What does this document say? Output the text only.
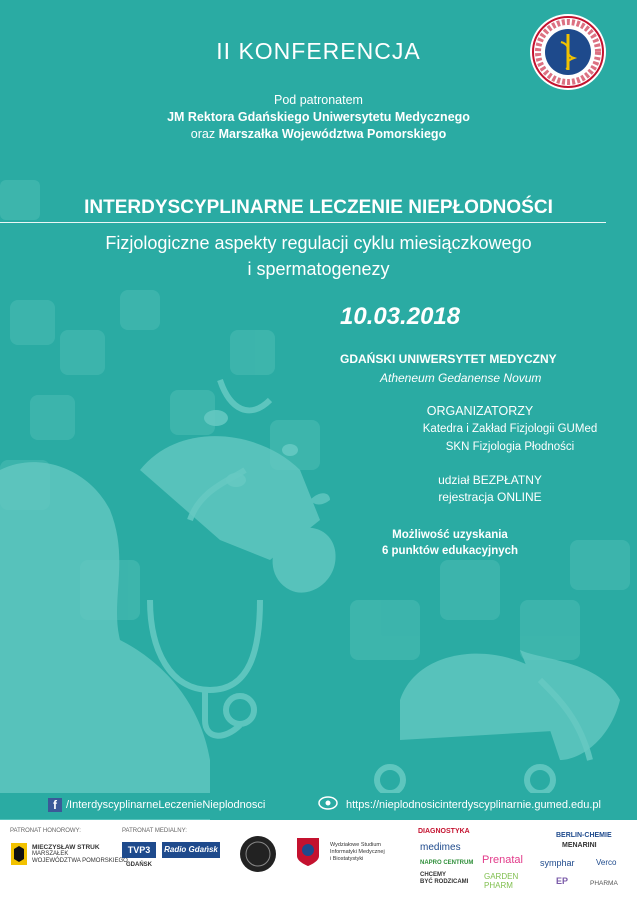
II KONFERENCJA
Pod patronatem
JM Rektora Gdańskiego Uniwersytetu Medycznego
oraz Marszałka Województwa Pomorskiego
INTERDYSCYPLINARNE LECZENIE NIEPŁODNOŚCI
Fizjologiczne aspekty regulacji cyklu miesiączkowego
i spermatogenezy
10.03.2018
GDAŃSKI UNIWERSYTET MEDYCZNY
Atheneum Gedanense Novum
ORGANIZATORZY
Katedra i Zakład Fizjologii GUMed
SKN Fizjologia Płodności
udział BEZPŁATNY
rejestracja ONLINE
Możliwość uzyskania
6 punktów edukacyjnych
f /InterdyscyplinarneLeczenieNieplodnosci	https://nieplodnosicinterdyscyplinarnie.gumed.edu.pl
PATRONAT HONOROWY:
MIECZYSŁAW STRUK
MARSZAŁEK
WOJEWÓDZTWA POMORSKIEGO
PATRONAT MEDIALNY:
TVP3
GDAŃSK
Radio Gdańsk	Wydziałowe Studium
Informatyki Medycznej
i Biostatystyki
DIAGNOSTYKA
medimes
NAPRO CENTRUM
CHCEMY
BYĆ RODZICAMI
Prenatal
GARDEN
PHARM
BERLIN-CHEMIE
MENARINI
symphar	Verco
EP	PHARMA
